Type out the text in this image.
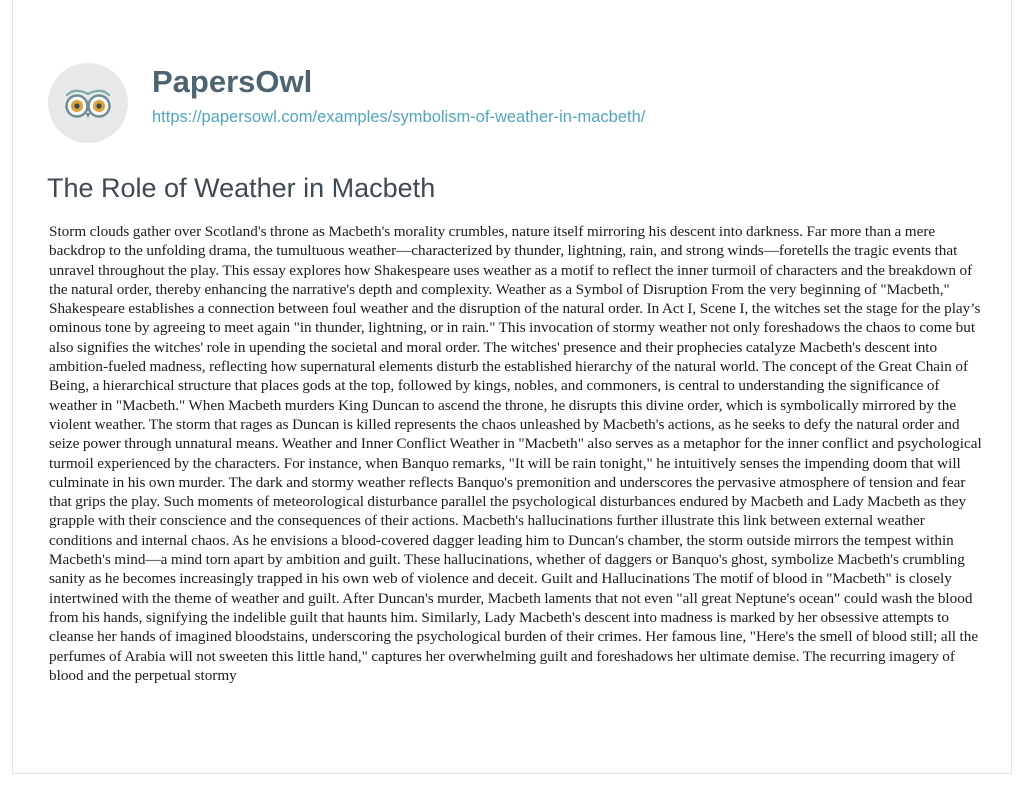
PapersOwl
https://papersowl.com/examples/symbolism-of-weather-in-macbeth/
The Role of Weather in Macbeth

Storm clouds gather over Scotland's throne as Macbeth's morality crumbles, nature itself mirroring his descent into darkness. Far more than a mere backdrop to the unfolding drama, the tumultuous weather—characterized by thunder, lightning, rain, and strong winds—foretells the tragic events that unravel throughout the play. This essay explores how Shakespeare uses weather as a motif to reflect the inner turmoil of characters and the breakdown of the natural order, thereby enhancing the narrative's depth and complexity. Weather as a Symbol of Disruption From the very beginning of "Macbeth," Shakespeare establishes a connection between foul weather and the disruption of the natural order. In Act I, Scene I, the witches set the stage for the play’s ominous tone by agreeing to meet again "in thunder, lightning, or in rain." This invocation of stormy weather not only foreshadows the chaos to come but also signifies the witches' role in upending the societal and moral order. The witches' presence and their prophecies catalyze Macbeth's descent into ambition-fueled madness, reflecting how supernatural elements disturb the established hierarchy of the natural world. The concept of the Great Chain of Being, a hierarchical structure that places gods at the top, followed by kings, nobles, and commoners, is central to understanding the significance of weather in "Macbeth." When Macbeth murders King Duncan to ascend the throne, he disrupts this divine order, which is symbolically mirrored by the violent weather. The storm that rages as Duncan is killed represents the chaos unleashed by Macbeth's actions, as he seeks to defy the natural order and seize power through unnatural means. Weather and Inner Conflict Weather in "Macbeth" also serves as a metaphor for the inner conflict and psychological turmoil experienced by the characters. For instance, when Banquo remarks, "It will be rain tonight," he intuitively senses the impending doom that will culminate in his own murder. The dark and stormy weather reflects Banquo's premonition and underscores the pervasive atmosphere of tension and fear that grips the play. Such moments of meteorological disturbance parallel the psychological disturbances endured by Macbeth and Lady Macbeth as they grapple with their conscience and the consequences of their actions. Macbeth's hallucinations further illustrate this link between external weather conditions and internal chaos. As he envisions a blood-covered dagger leading him to Duncan's chamber, the storm outside mirrors the tempest within Macbeth's mind—a mind torn apart by ambition and guilt. These hallucinations, whether of daggers or Banquo's ghost, symbolize Macbeth's crumbling sanity as he becomes increasingly trapped in his own web of violence and deceit. Guilt and Hallucinations The motif of blood in "Macbeth" is closely intertwined with the theme of weather and guilt. After Duncan's murder, Macbeth laments that not even "all great Neptune's ocean" could wash the blood from his hands, signifying the indelible guilt that haunts him. Similarly, Lady Macbeth's descent into madness is marked by her obsessive attempts to cleanse her hands of imagined bloodstains, underscoring the psychological burden of their crimes. Her famous line, "Here's the smell of blood still; all the perfumes of Arabia will not sweeten this little hand," captures her overwhelming guilt and foreshadows her ultimate demise. The recurring imagery of blood and the perpetual stormy
